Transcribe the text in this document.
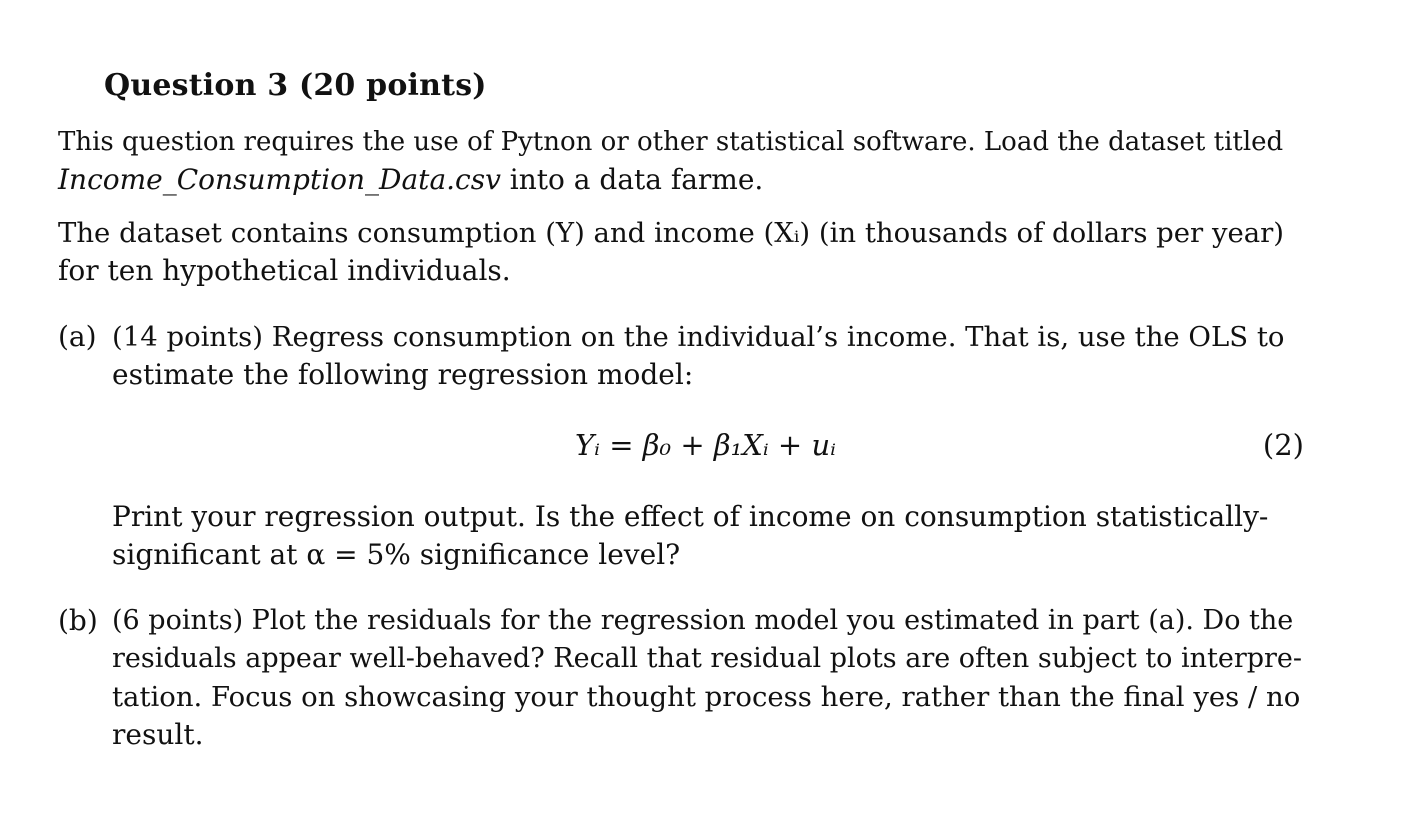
Question 3 (20 points)
This question requires the use of Pytnon or other statistical software. Load the dataset titled
Income_Consumption_Data.csv into a data farme.
The dataset contains consumption (Y) and income (Xᵢ) (in thousands of dollars per year)
for ten hypothetical individuals.
(a) (14 points) Regress consumption on the individual’s income. That is, use the OLS to
estimate the following regression model:
Yᵢ = β₀ + β₁Xᵢ + uᵢ	(2)
Print your regression output. Is the effect of income on consumption statistically-
significant at α = 5% significance level?
(b) (6 points) Plot the residuals for the regression model you estimated in part (a). Do the
residuals appear well-behaved? Recall that residual plots are often subject to interpre-
tation. Focus on showcasing your thought process here, rather than the final yes / no
result.
